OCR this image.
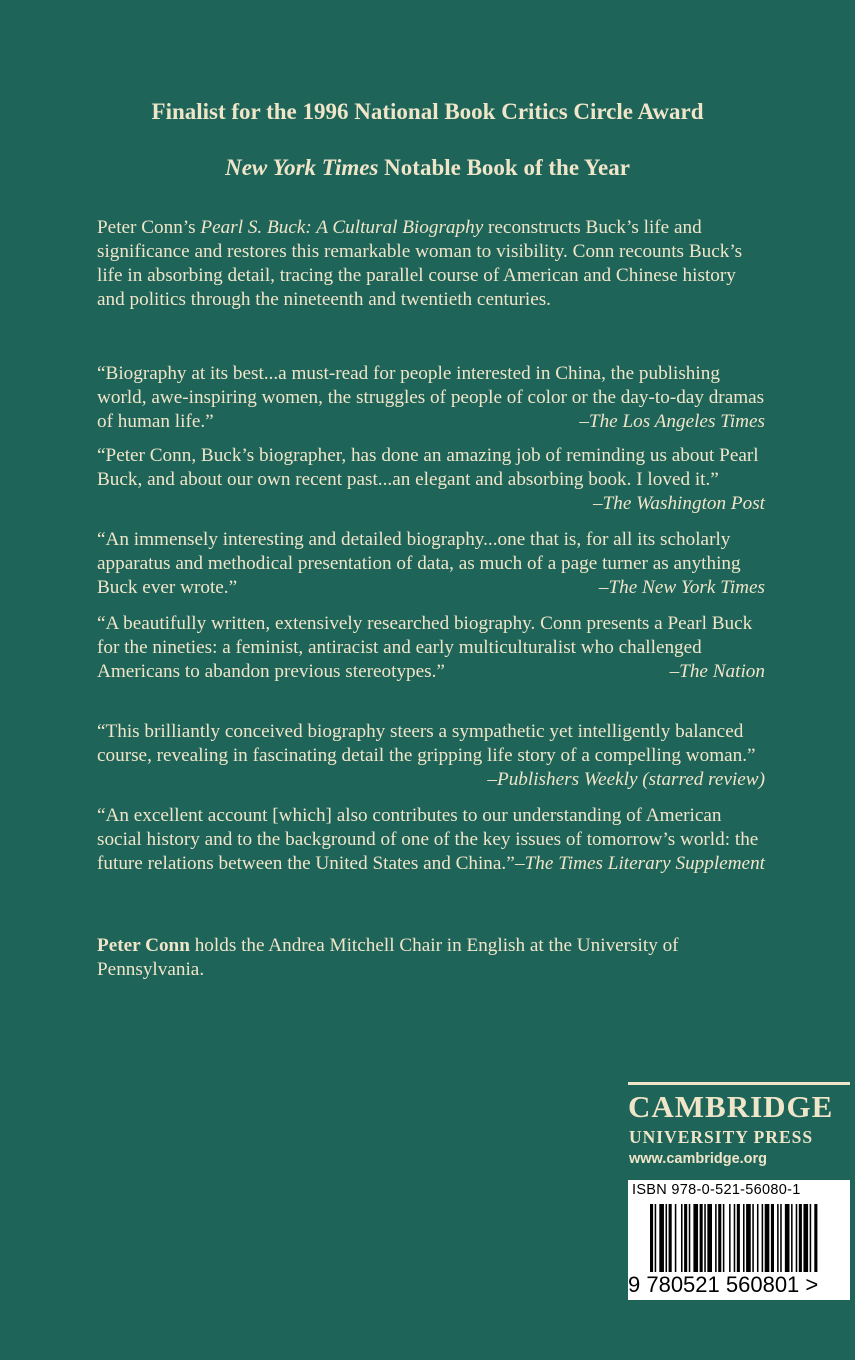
Finalist for the 1996 National Book Critics Circle Award
New York Times Notable Book of the Year
Peter Conn’s Pearl S. Buck: A Cultural Biography reconstructs Buck’s life and significance and restores this remarkable woman to visibility. Conn recounts Buck’s life in absorbing detail, tracing the parallel course of American and Chinese history and politics through the nineteenth and twentieth centuries.
“Biography at its best...a must-read for people interested in China, the publishing world, awe-inspiring women, the struggles of people of color or the day-to-day dramas of human life.”	–The Los Angeles Times
“Peter Conn, Buck’s biographer, has done an amazing job of reminding us about Pearl Buck, and about our own recent past...an elegant and absorbing book. I loved it.”
–The Washington Post
“An immensely interesting and detailed biography...one that is, for all its scholarly apparatus and methodical presentation of data, as much of a page turner as anything Buck ever wrote.”	–The New York Times
“A beautifully written, extensively researched biography. Conn presents a Pearl Buck for the nineties: a feminist, antiracist and early multiculturalist who challenged Americans to abandon previous stereotypes.”	–The Nation
“This brilliantly conceived biography steers a sympathetic yet intelligently balanced course, revealing in fascinating detail the gripping life story of a compelling woman.”
–Publishers Weekly (starred review)
“An excellent account [which] also contributes to our understanding of American social history and to the background of one of the key issues of tomorrow’s world: the future relations between the United States and China.” –The Times Literary Supplement
Peter Conn holds the Andrea Mitchell Chair in English at the University of Pennsylvania.
CAMBRIDGE
UNIVERSITY PRESS
www.cambridge.org
ISBN 978-0-521-56080-1
9 780521 560801 >
